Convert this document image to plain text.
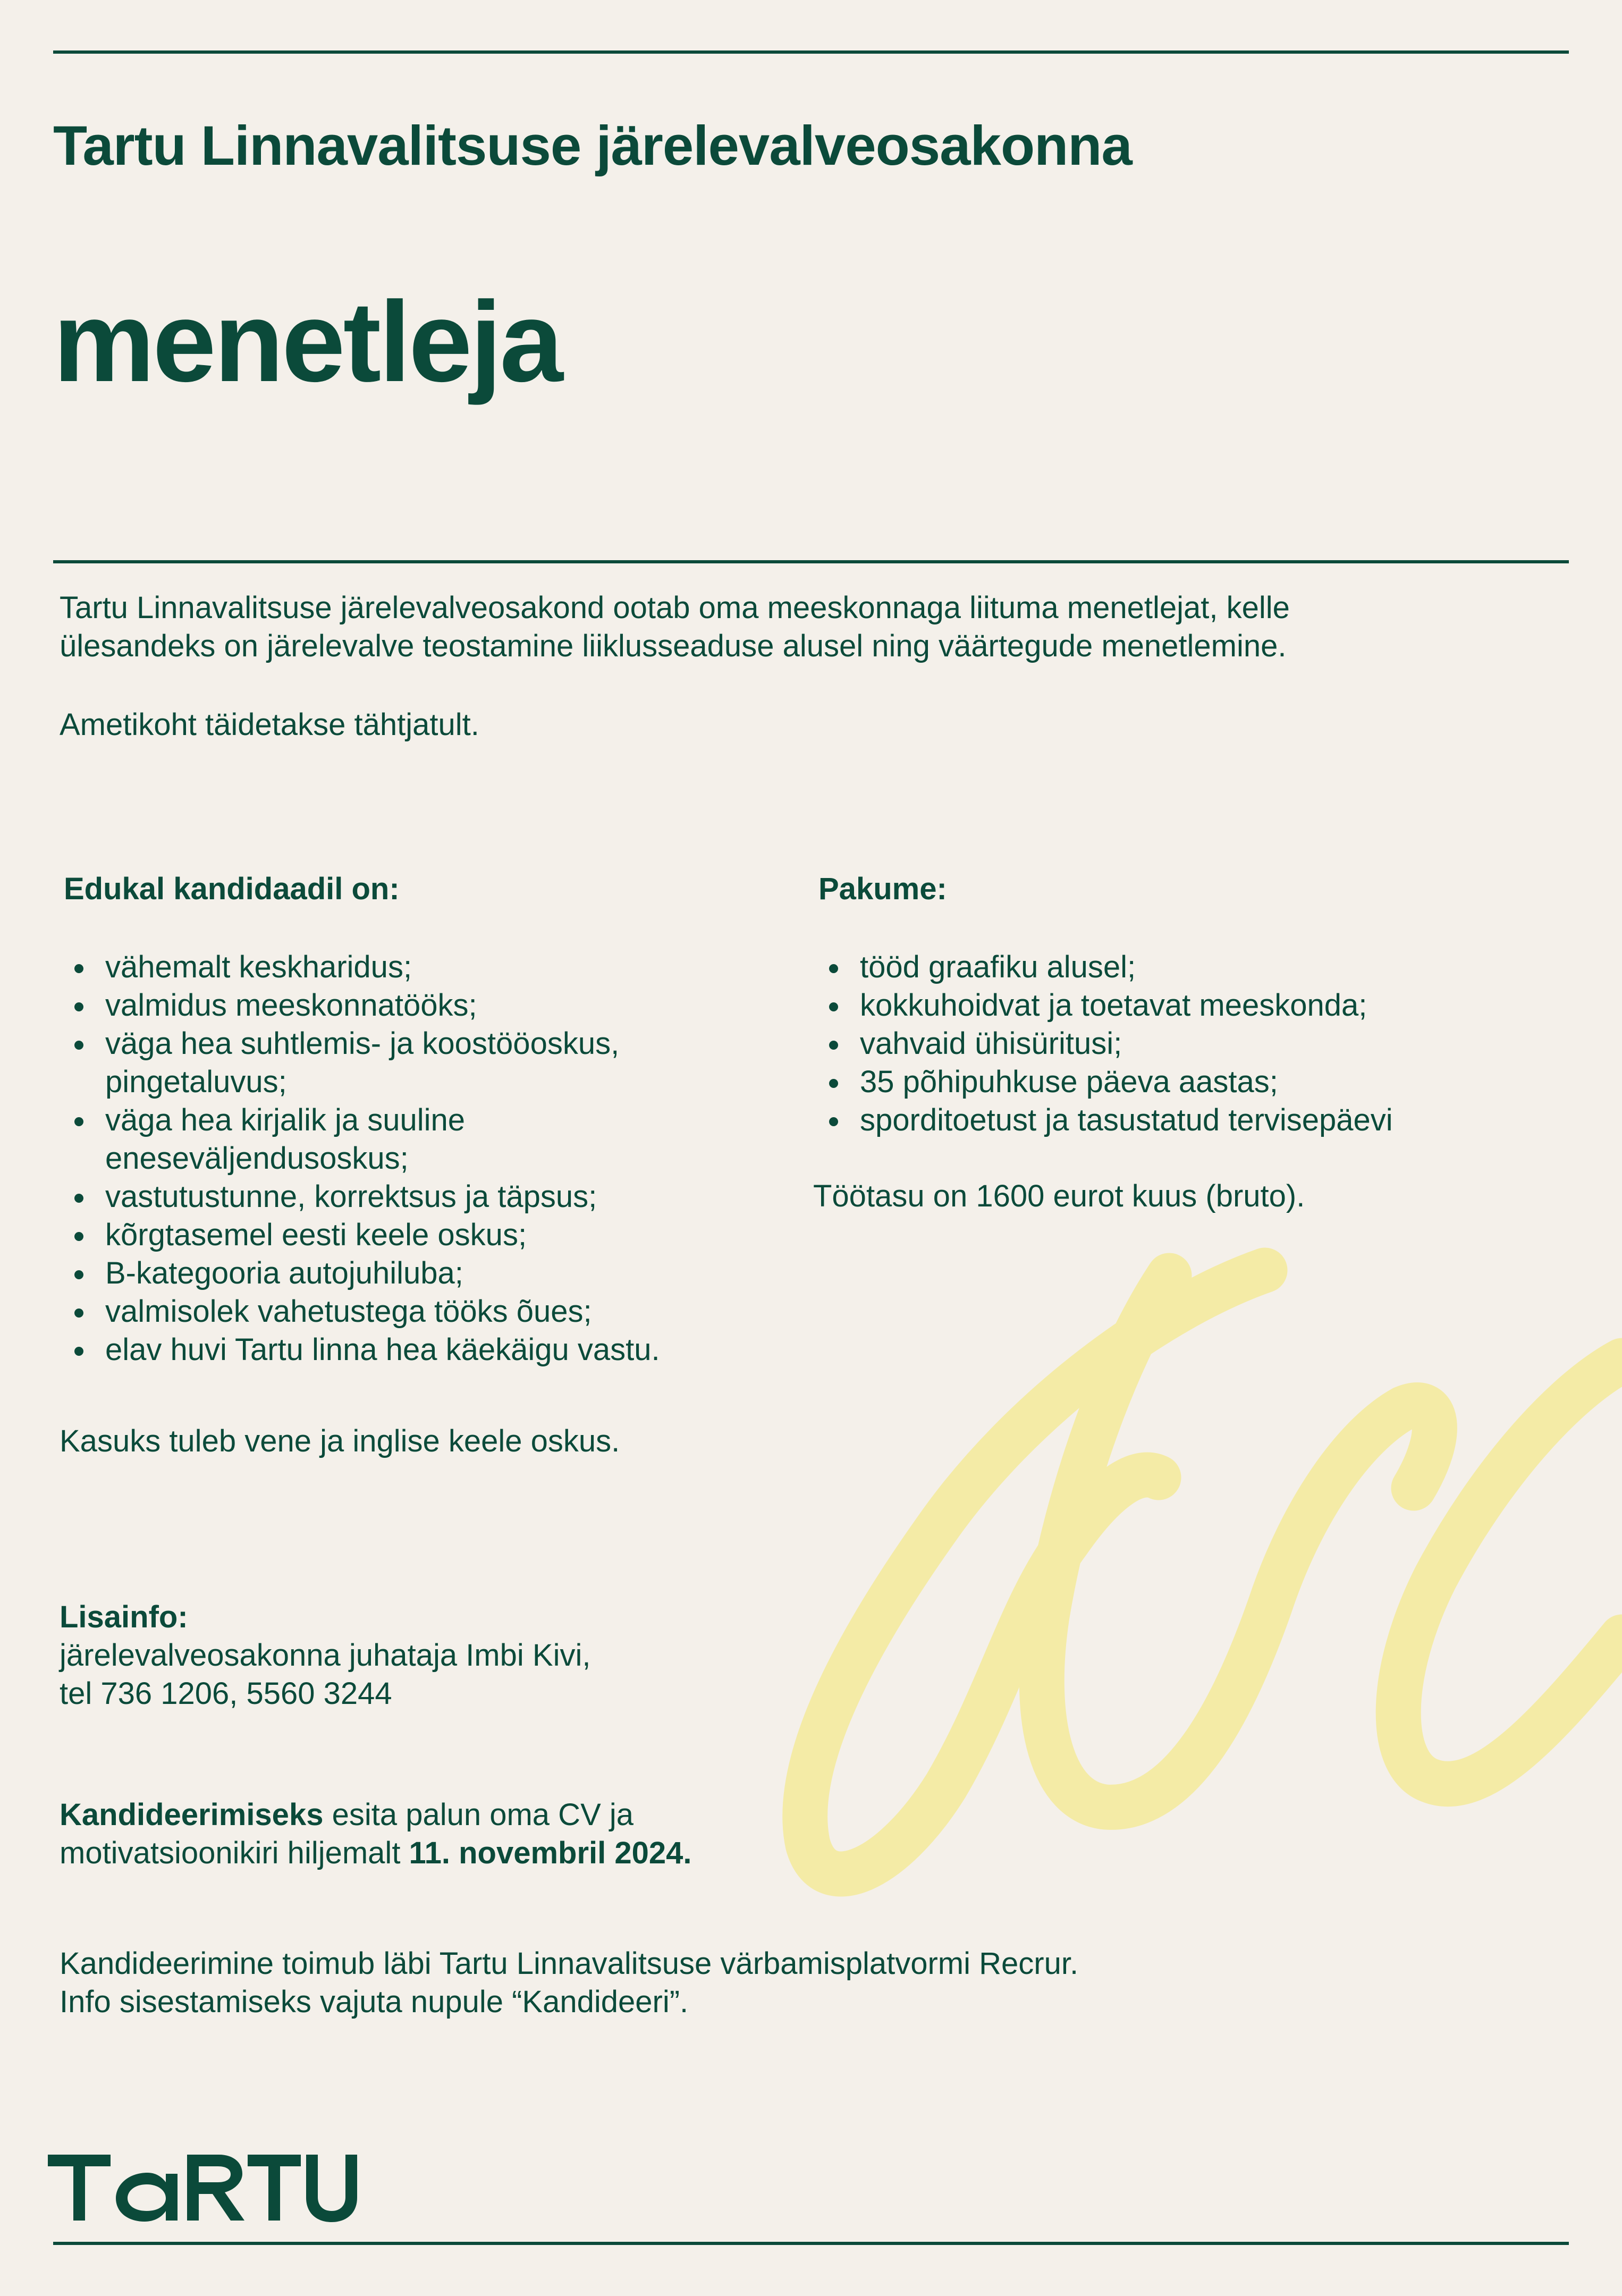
Tartu Linnavalitsuse järelevalveosakonna
menetleja

Tartu Linnavalitsuse järelevalveosakond ootab oma meeskonnaga liituma menetlejat, kelle

ülesandeks on järelevalve teostamine liiklusseaduse alusel ning väärtegude menetlemine.

Ametikoht täidetakse tähtjatult.

Edukal kandidaadil on:
vähemalt keskharidus;
valmidus meeskonnatööks;
väga hea suhtlemis- ja koostööoskus, pingetaluvus;
väga hea kirjalik ja suuline eneseväljendusoskus;
vastutustunne, korrektsus ja täpsus;
kõrgtasemel eesti keele oskus;
B-kategooria autojuhiluba;
valmisolek vahetustega tööks õues;
elav huvi Tartu linna hea käekäigu vastu.
Pakume:
tööd graafiku alusel;
kokkuhoidvat ja toetavat meeskonda;
vahvaid ühisüritusi;
35 põhipuhkuse päeva aastas;
sporditoetust ja tasustatud tervisepäevi

Töötasu on 1600 eurot kuus (bruto).

Kasuks tuleb vene ja inglise keele oskus.

Lisainfo:

järelevalveosakonna juhataja Imbi Kivi,

tel 736 1206, 5560 3244

Kandideerimiseks esita palun oma CV ja

motivatsioonikiri hiljemalt 11. novembril 2024.

Kandideerimine toimub läbi Tartu Linnavalitsuse värbamisplatvormi Recrur.

Info sisestamiseks vajuta nupule “Kandideeri”.
